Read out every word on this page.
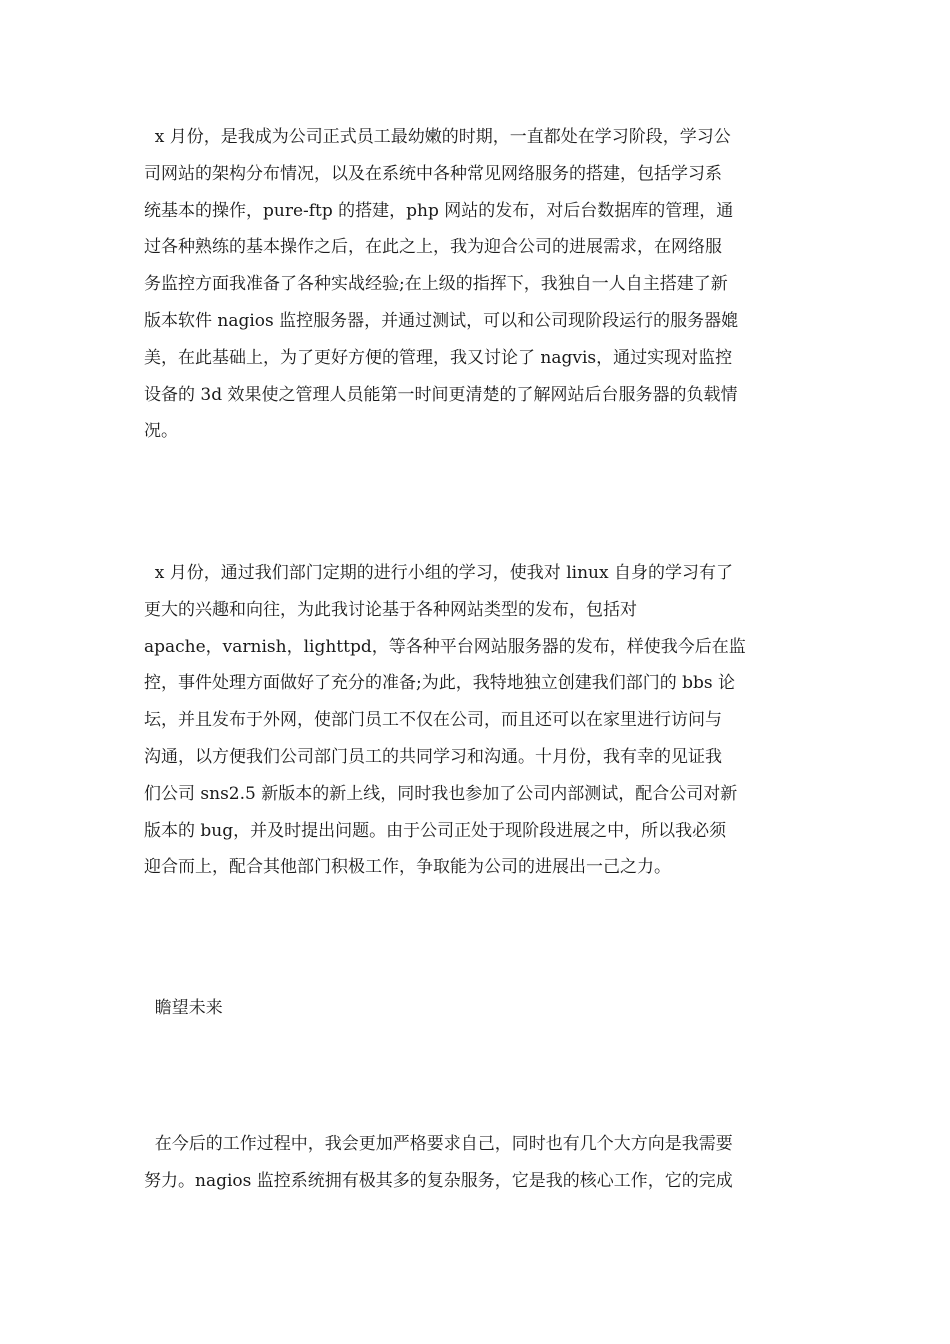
x 月份，是我成为公司正式员工最幼嫩的时期，一直都处在学习阶段，学习公
司网站的架构分布情况，以及在系统中各种常见网络服务的搭建，包括学习系
统基本的操作，pure-ftp 的搭建，php 网站的发布，对后台数据库的管理，通
过各种熟练的基本操作之后，在此之上，我为迎合公司的进展需求，在网络服
务监控方面我准备了各种实战经验;在上级的指挥下，我独自一人自主搭建了新
版本软件 nagios 监控服务器，并通过测试，可以和公司现阶段运行的服务器媲
美，在此基础上，为了更好方便的管理，我又讨论了 nagvis，通过实现对监控
设备的 3d 效果使之管理人员能第一时间更清楚的了解网站后台服务器的负载情
况。
x 月份，通过我们部门定期的进行小组的学习，使我对 linux 自身的学习有了
更大的兴趣和向往，为此我讨论基于各种网站类型的发布，包括对
apache，varnish，lighttpd，等各种平台网站服务器的发布，样使我今后在监
控，事件处理方面做好了充分的准备;为此，我特地独立创建我们部门的 bbs 论
坛，并且发布于外网，使部门员工不仅在公司，而且还可以在家里进行访问与
沟通，以方便我们公司部门员工的共同学习和沟通。十月份，我有幸的见证我
们公司 sns2.5 新版本的新上线，同时我也参加了公司内部测试，配合公司对新
版本的 bug，并及时提出问题。由于公司正处于现阶段进展之中，所以我必须
迎合而上，配合其他部门积极工作，争取能为公司的进展出一己之力。
瞻望未来
在今后的工作过程中，我会更加严格要求自己，同时也有几个大方向是我需要
努力。nagios 监控系统拥有极其多的复杂服务，它是我的核心工作，它的完成
